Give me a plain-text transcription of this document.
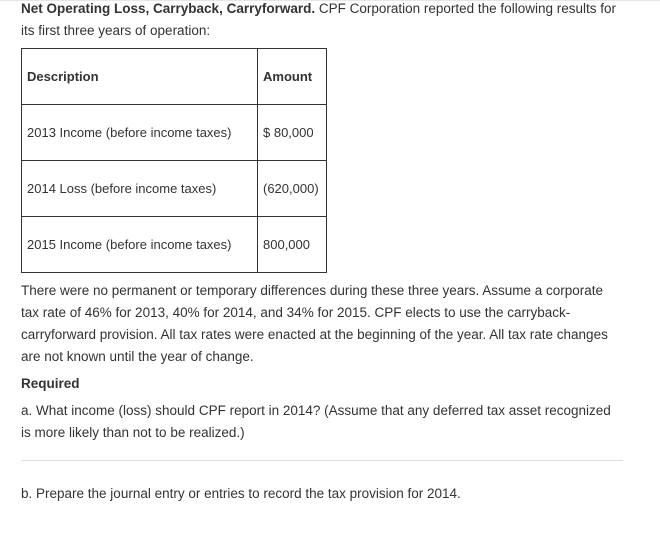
Net Operating Loss, Carryback, Carryforward. CPF Corporation reported the following results for its first three years of operation:

Description	Amount
2013 Income (before income taxes)	$ 80,000
2014 Loss (before income taxes)	(620,000)
2015 Income (before income taxes)	800,000

There were no permanent or temporary differences during these three years. Assume a corporate tax rate of 46% for 2013, 40% for 2014, and 34% for 2015. CPF elects to use the carryback-carryforward provision. All tax rates were enacted at the beginning of the year. All tax rate changes are not known until the year of change.

Required

a. What income (loss) should CPF report in 2014? (Assume that any deferred tax asset recognized is more likely than not to be realized.)

b. Prepare the journal entry or entries to record the tax provision for 2014.
